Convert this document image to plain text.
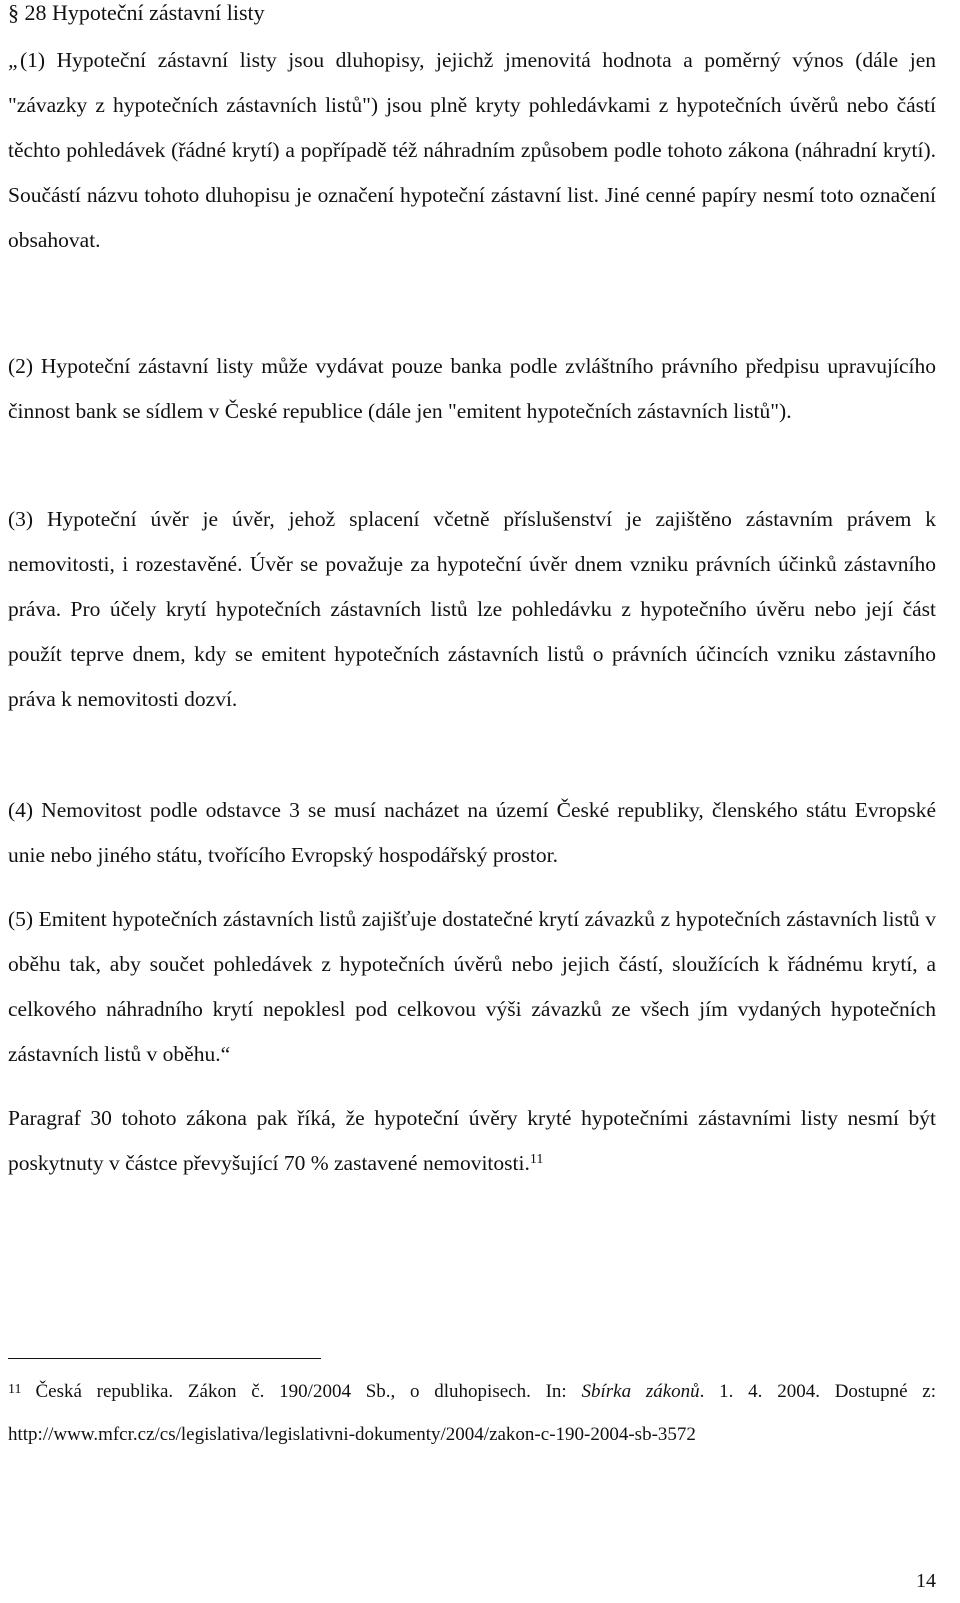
§ 28 Hypoteční zástavní listy

„(1) Hypoteční zástavní listy jsou dluhopisy, jejichž jmenovitá hodnota a poměrný výnos (dále jen "závazky z hypotečních zástavních listů") jsou plně kryty pohledávkami z hypotečních úvěrů nebo částí těchto pohledávek (řádné krytí) a popřípadě též náhradním způsobem podle tohoto zákona (náhradní krytí). Součástí názvu tohoto dluhopisu je označení hypoteční zástavní list. Jiné cenné papíry nesmí toto označení obsahovat.

(2) Hypoteční zástavní listy může vydávat pouze banka podle zvláštního právního předpisu upravujícího činnost bank se sídlem v České republice (dále jen "emitent hypotečních zástavních listů").

(3) Hypoteční úvěr je úvěr, jehož splacení včetně příslušenství je zajištěno zástavním právem k nemovitosti, i rozestavěné. Úvěr se považuje za hypoteční úvěr dnem vzniku právních účinků zástavního práva. Pro účely krytí hypotečních zástavních listů lze pohledávku z hypotečního úvěru nebo její část použít teprve dnem, kdy se emitent hypotečních zástavních listů o právních účincích vzniku zástavního práva k nemovitosti dozví.

(4) Nemovitost podle odstavce 3 se musí nacházet na území České republiky, členského státu Evropské unie nebo jiného státu, tvořícího Evropský hospodářský prostor.

(5) Emitent hypotečních zástavních listů zajišťuje dostatečné krytí závazků z hypotečních zástavních listů v oběhu tak, aby součet pohledávek z hypotečních úvěrů nebo jejich částí, sloužících k řádnému krytí, a celkového náhradního krytí nepoklesl pod celkovou výši závazků ze všech jím vydaných hypotečních zástavních listů v oběhu.“

Paragraf 30 tohoto zákona pak říká, že hypoteční úvěry kryté hypotečními zástavními listy nesmí být poskytnuty v částce převyšující 70 % zastavené nemovitosti.$^{11}$

$^{11}$ Česká republika. Zákon č. 190/2004 Sb., o dluhopisech. In: Sbírka zákonů. 1. 4. 2004. Dostupné z: http://www.mfcr.cz/cs/legislativa/legislativni-dokumenty/2004/zakon-c-190-2004-sb-3572
14
